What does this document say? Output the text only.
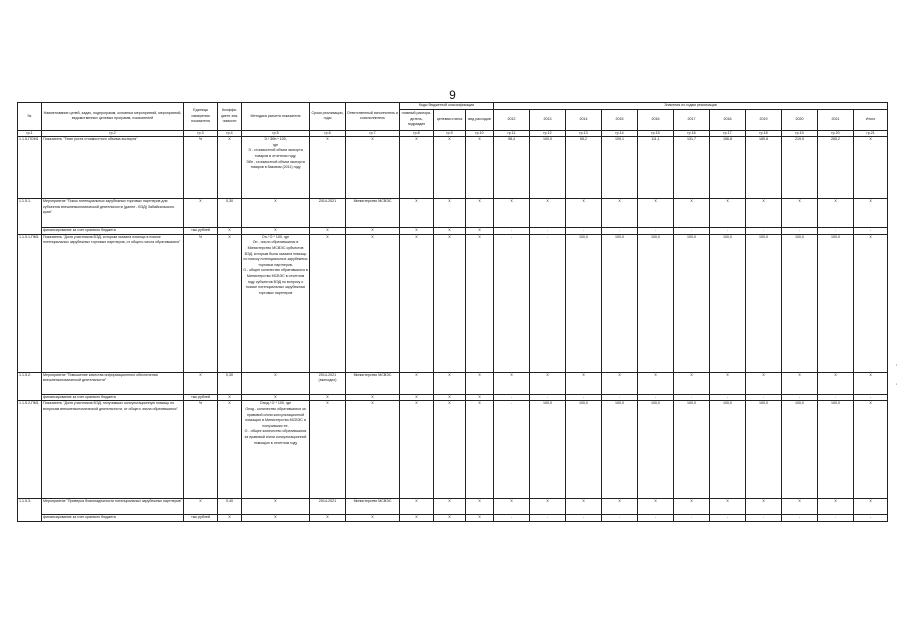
9
№	Наименование целей, задач, подпрограмм, основных мероприятий, мероприятий, ведомственных целевых программ, показателей	Единица измерения показателя	Коэффи-циент зна-чимости	Методика расчета показателя	Сроки реализации, годы	Ответственный исполнитель и соисполнитель	Коды бюджетной классификации			Значения по годам реализации										
							главный распоря-дитель, подраздел	целевая статья	вид расходов	2012	2013	2014	2015	2016	2017	2018	2019	2020	2021	Итого
гр.1	гр.2	гр.3	гр.4	гр.5	гр.6	гр.7	гр.8	гр.9	гр.10	гр.11	гр.12	гр.13	гр.14	гр.15	гр.16	гр.17	гр.18	гр.19	гр.20	гр.21
1.1.5-ПОМ1	Показатель "Темп роста стоимостного объема экспорта"	%	Х	Э / Эбп * 100,
где
Э - стоимостной объем экспорта товаров в отчетном году,
Эбп - стоимостной объем экспорта товаров в базовом (2011) году	Х	Х	Х	Х	Х	98,4	100,0	65,2	109,1	111,1	131,7	156,8	189,8	219,9	265,2	Х
1.1.5.1.	Мероприятие "Поиск потенциальных зарубежных торговых партнеров для субъектов внешнеэкономической деятельности (далее - ВЭД) Забайкальского края"	Х	0,30	Х	2014-2021	Министерство МСВЭС	Х	Х	Х	Х	Х	Х	Х	Х	Х	Х	Х	Х	Х	Х
	финансирование за счет краевого бюджета	тыс.рублей	Х	Х	Х	Х	Х	Х	Х	-	-	-	-	-	-	-	-	-	-	-
1.1.5.1-ПМ1	Показатель "Доля участников ВЭД, которым оказана помощь в поиске потенциальных зарубежных торговых партнеров, от общего числа обратившихся"	%	Х	Оп / О * 100, где
Оп - число обратившихся в Министерство МСВЭС субъектов ВЭД, которым была оказана помощь по поиску потенциальных зарубежных торговых партнеров,
О - общее количество обратившихся в Министерство МСВЭС в отчетном году субъектов ВЭД по вопросу о поиске потенциальных зарубежных торговых партнеров	Х	Х	Х	Х	Х	-	-	100,0	100,0	100,0	100,0	100,0	100,0	100,0	100,0	Х
1.1.5.2.	Мероприятие "Повышение качества информационного обеспечения внешнеэкономической деятельности"	Х	0,30	Х	2014-2021 (ежегодно)	Министерство МСВЭС	Х	Х	Х	Х	Х	Х	Х	Х	Х	Х	Х	Х	Х	Х
	финансирование за счет краевого бюджета	тыс.рублей	Х	Х	Х	Х	Х	Х	Х	-	-	-	-	-	-	-	-	-	-	-
1.1.5.2-ПМ1	Показатель "Доля участников ВЭД, получивших консультационную помощь по вопросам внешнеэкономической деятельности, от общего числа обратившихся"	%	Х	Опод / О * 100, где
Опод - количество обратившихся за правовой и/или консультационной помощью в Министерство МСВЭС и получивших ее,
О - общее количество обратившихся за правовой и/или консультационной помощью в отчетном году	Х	Х	Х	Х	Х	-	100,0	100,0	100,0	100,0	100,0	100,0	100,0	100,0	100,0	Х
1.1.5.3.	Мероприятие "Проверка благонадежности потенциальных зарубежных партнеров"	Х	0,40	Х	2014-2021	Министерство МСВЭС	Х	Х	Х	Х	Х	Х	Х	Х	Х	Х	Х	Х	Х	Х
	финансирование за счет краевого бюджета	тыс.рублей	Х	Х	Х	Х	Х	Х	Х	-	-	-	-	-	-	-	-	-	-	-
'
'
